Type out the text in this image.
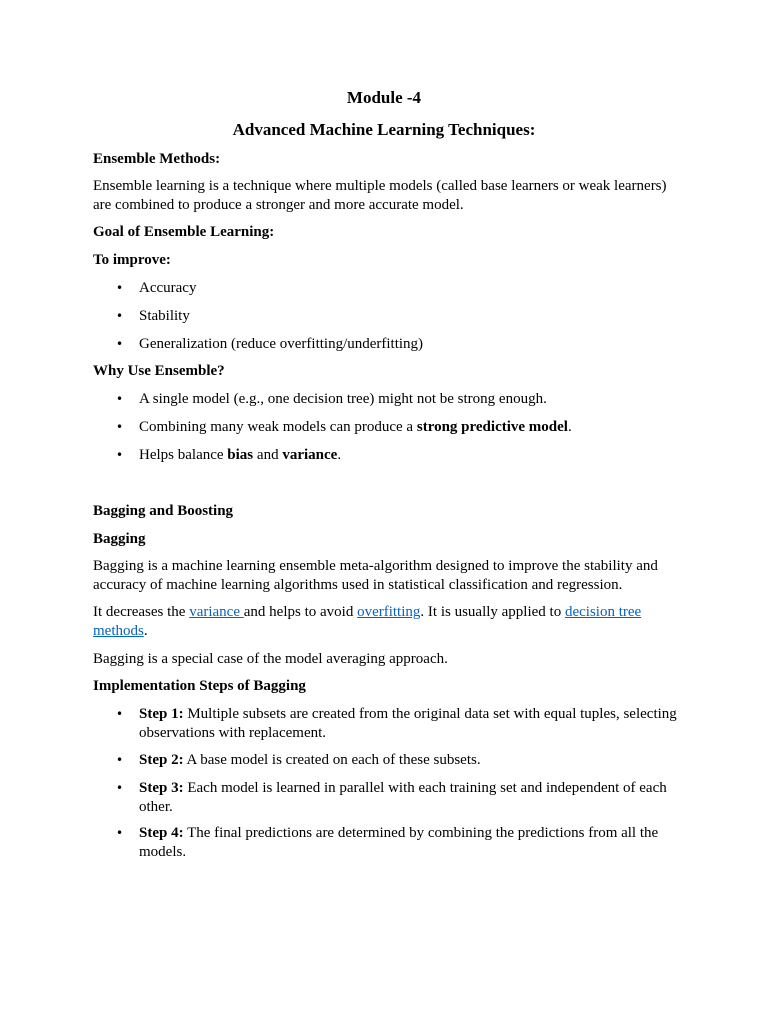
Module -4

Advanced Machine Learning Techniques:

Ensemble Methods:

Ensemble learning is a technique where multiple models (called base learners or weak learners) are combined to produce a stronger and more accurate model.

Goal of Ensemble Learning:

To improve:

• Accuracy

• Stability

• Generalization (reduce overfitting/underfitting)

Why Use Ensemble?

• A single model (e.g., one decision tree) might not be strong enough.

• Combining many weak models can produce a strong predictive model.

• Helps balance bias and variance.

Bagging and Boosting

Bagging

Bagging is a machine learning ensemble meta-algorithm designed to improve the stability and accuracy of machine learning algorithms used in statistical classification and regression.

It decreases the variance and helps to avoid overfitting. It is usually applied to decision tree methods.

Bagging is a special case of the model averaging approach.

Implementation Steps of Bagging

• Step 1: Multiple subsets are created from the original data set with equal tuples, selecting observations with replacement.

• Step 2: A base model is created on each of these subsets.

• Step 3: Each model is learned in parallel with each training set and independent of each other.

• Step 4: The final predictions are determined by combining the predictions from all the models.
